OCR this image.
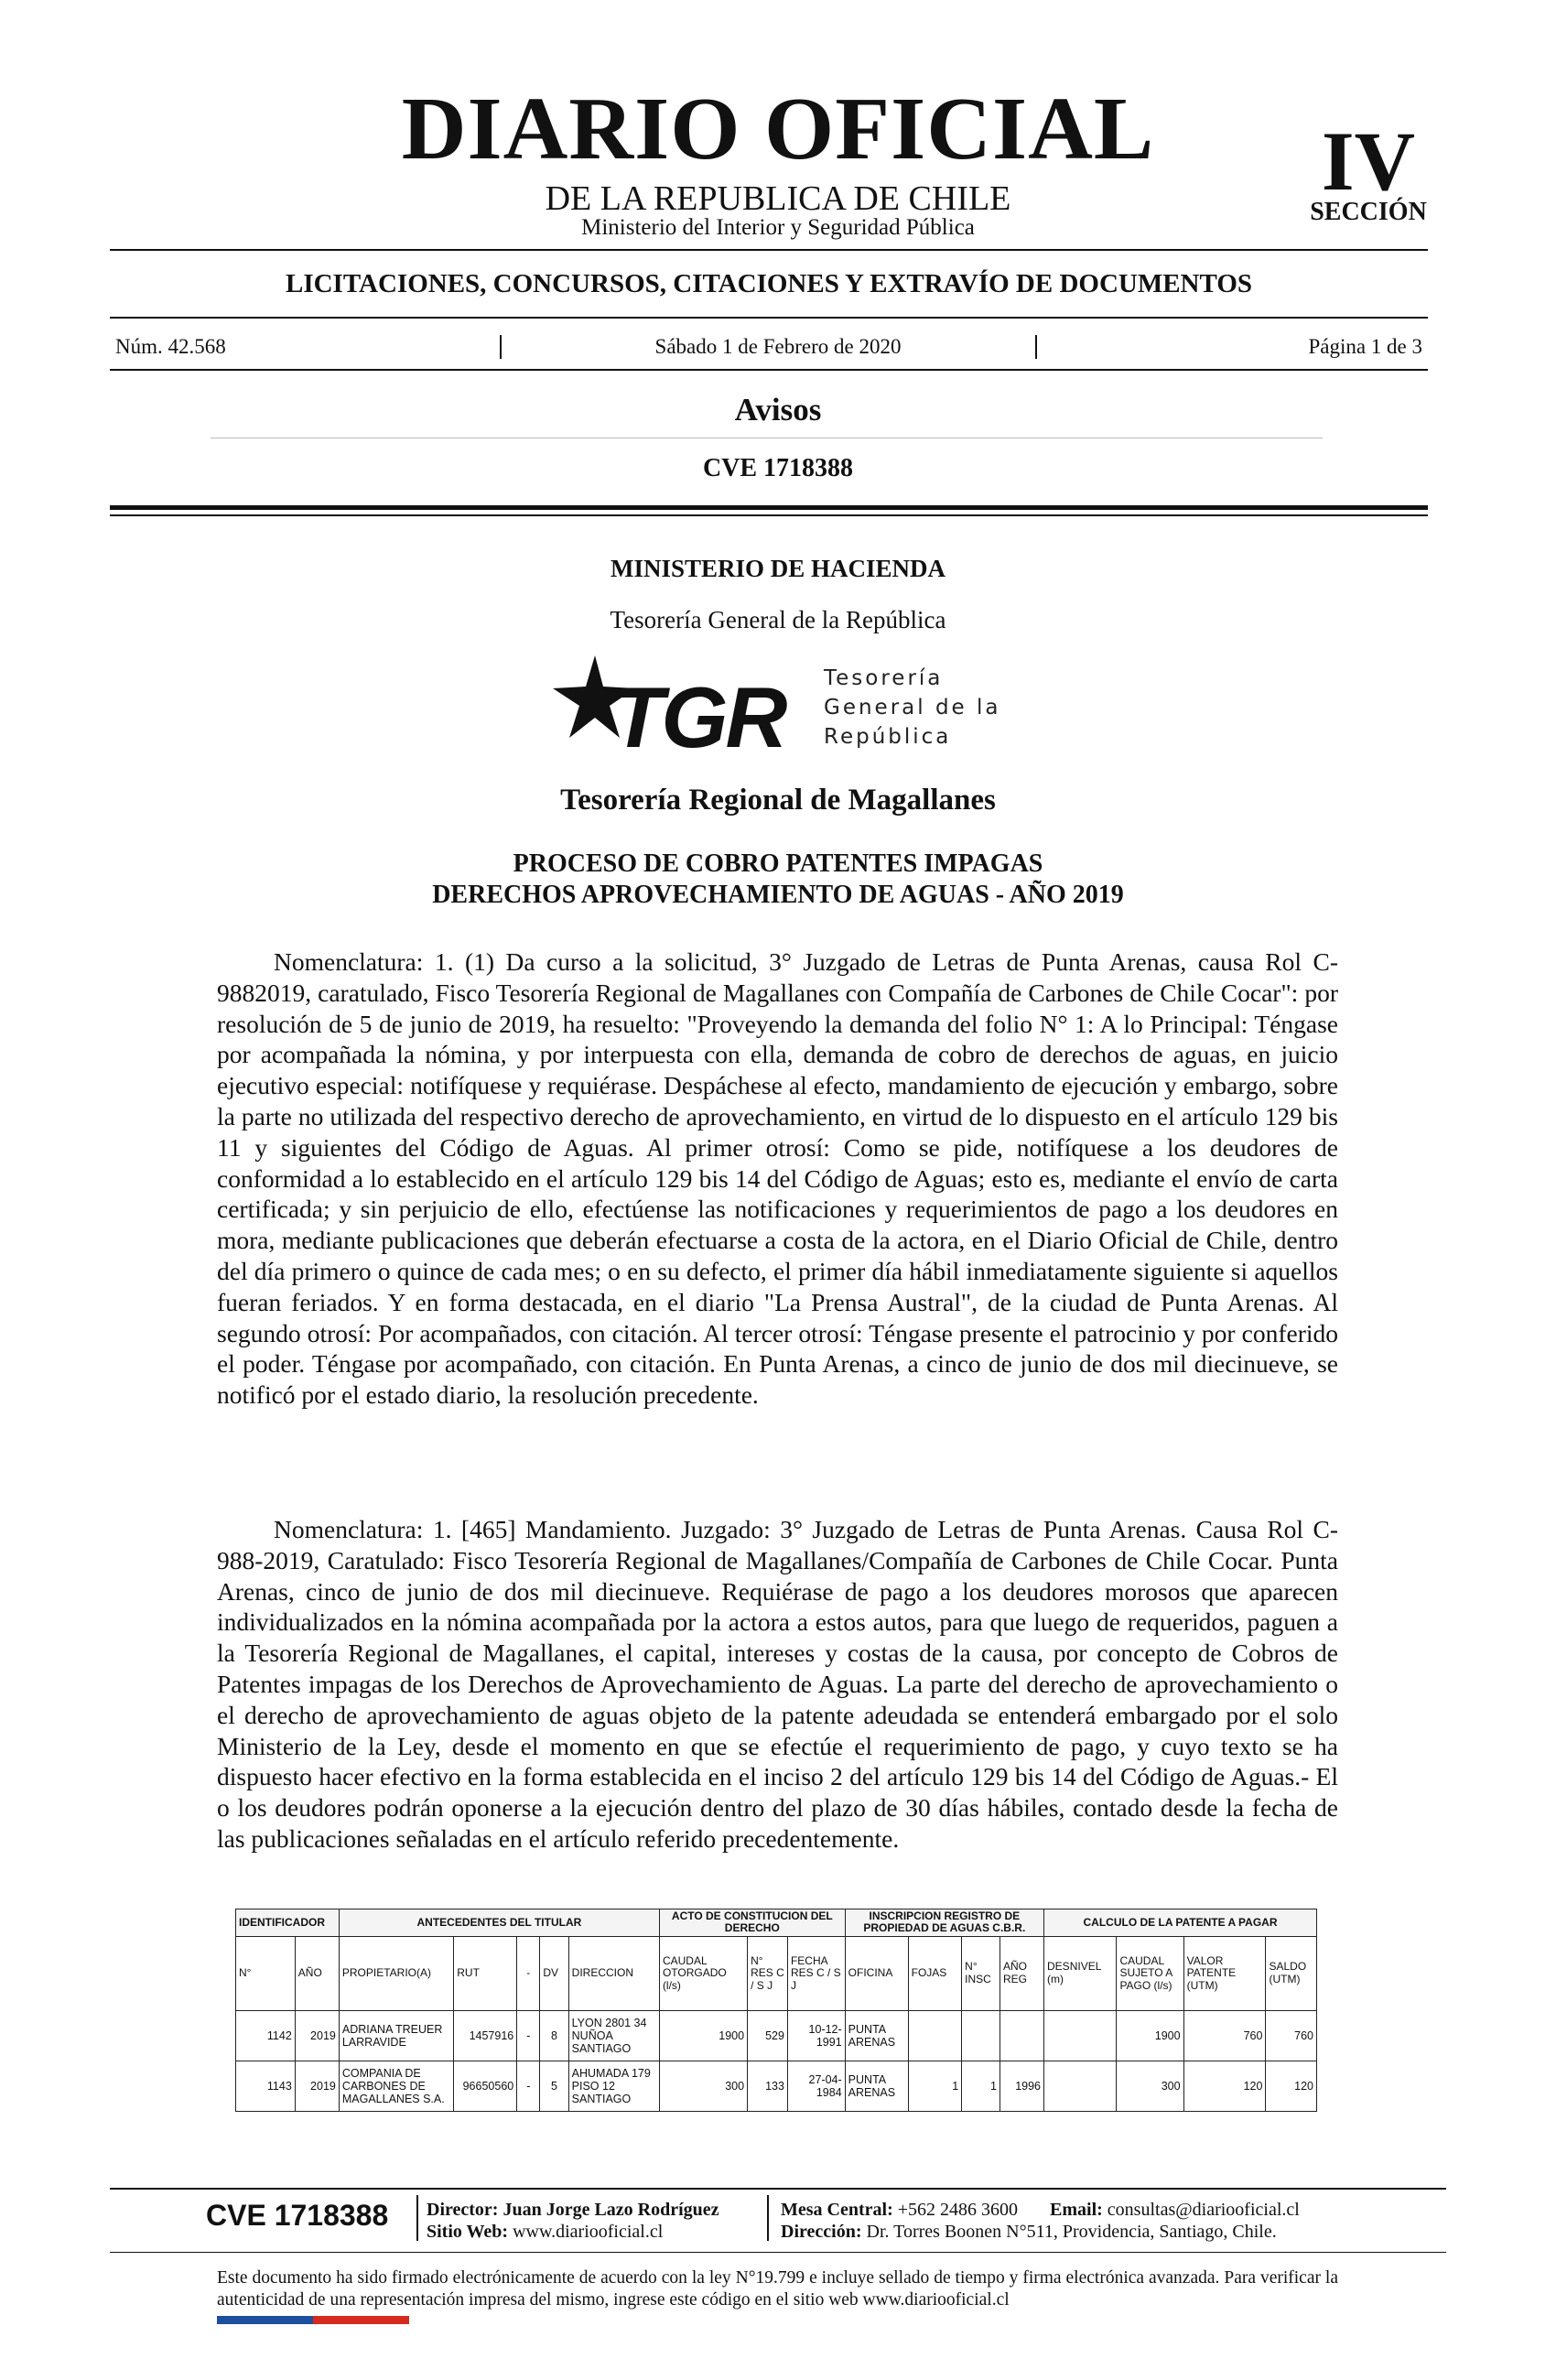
DIARIO OFICIAL
DE LA REPUBLICA DE CHILE
Ministerio del Interior y Seguridad Pública
IV
SECCIÓN
LICITACIONES, CONCURSOS, CITACIONES Y EXTRAVÍO DE DOCUMENTOS
Núm. 42.568	Sábado 1 de Febrero de 2020	Página 1 de 3
Avisos
CVE 1718388
MINISTERIO DE HACIENDA
Tesorería General de la República
TGR Tesorería
General de la
República
Tesorería Regional de Magallanes
PROCESO DE COBRO PATENTES IMPAGAS
DERECHOS APROVECHAMIENTO DE AGUAS - AÑO 2019

Nomenclatura: 1. (1) Da curso a la solicitud, 3° Juzgado de Letras de Punta Arenas, causa Rol C-9882019, caratulado, Fisco Tesorería Regional de Magallanes con Compañía de Carbones de Chile Cocar": por resolución de 5 de junio de 2019, ha resuelto: "Proveyendo la demanda del folio N° 1: A lo Principal: Téngase por acompañada la nómina, y por interpuesta con ella, demanda de cobro de derechos de aguas, en juicio ejecutivo especial: notifíquese y requiérase. Despáchese al efecto, mandamiento de ejecución y embargo, sobre la parte no utilizada del respectivo derecho de aprovechamiento, en virtud de lo dispuesto en el artículo 129 bis 11 y siguientes del Código de Aguas. Al primer otrosí: Como se pide, notifíquese a los deudores de conformidad a lo establecido en el artículo 129 bis 14 del Código de Aguas; esto es, mediante el envío de carta certificada; y sin perjuicio de ello, efectúense las notificaciones y requerimientos de pago a los deudores en mora, mediante publicaciones que deberán efectuarse a costa de la actora, en el Diario Oficial de Chile, dentro del día primero o quince de cada mes; o en su defecto, el primer día hábil inmediatamente siguiente si aquellos fueran feriados. Y en forma destacada, en el diario "La Prensa Austral", de la ciudad de Punta Arenas. Al segundo otrosí: Por acompañados, con citación. Al tercer otrosí: Téngase presente el patrocinio y por conferido el poder. Téngase por acompañado, con citación. En Punta Arenas, a cinco de junio de dos mil diecinueve, se notificó por el estado diario, la resolución precedente.

Nomenclatura: 1. [465] Mandamiento. Juzgado: 3° Juzgado de Letras de Punta Arenas. Causa Rol C-988-2019, Caratulado: Fisco Tesorería Regional de Magallanes/Compañía de Carbones de Chile Cocar. Punta Arenas, cinco de junio de dos mil diecinueve. Requiérase de pago a los deudores morosos que aparecen individualizados en la nómina acompañada por la actora a estos autos, para que luego de requeridos, paguen a la Tesorería Regional de Magallanes, el capital, intereses y costas de la causa, por concepto de Cobros de Patentes impagas de los Derechos de Aprovechamiento de Aguas. La parte del derecho de aprovechamiento o el derecho de aprovechamiento de aguas objeto de la patente adeudada se entenderá embargado por el solo Ministerio de la Ley, desde el momento en que se efectúe el requerimiento de pago, y cuyo texto se ha dispuesto hacer efectivo en la forma establecida en el inciso 2 del artículo 129 bis 14 del Código de Aguas.- El o los deudores podrán oponerse a la ejecución dentro del plazo de 30 días hábiles, contado desde la fecha de las publicaciones señaladas en el artículo referido precedentemente.

IDENTIFICADOR		ANTECEDENTES DEL TITULAR					ACTO DE CONSTITUCION DEL DERECHO			INSCRIPCION REGISTRO DE PROPIEDAD DE AGUAS C.B.R.				CALCULO DE LA PATENTE A PAGAR			
N°	AÑO	PROPIETARIO(A)	RUT	-	DV	DIRECCION	CAUDAL OTORGADO (l/s)	N° RES C / S J	FECHA RES C / S J	OFICINA	FOJAS	N° INSC	AÑO REG	DESNIVEL (m)	CAUDAL SUJETO A PAGO (l/s)	VALOR PATENTE (UTM)	SALDO (UTM)
1142	2019	ADRIANA TREUER LARRAVIDE	1457916	-	8	LYON 2801 34 NUÑOA SANTIAGO	1900	529	10-12-1991	PUNTA ARENAS					1900	760	760
1143	2019	COMPANIA DE CARBONES DE MAGALLANES S.A.	96650560	-	5	AHUMADA 179 PISO 12 SANTIAGO	300	133	27-04-1984	PUNTA ARENAS	1	1	1996		300	120	120
CVE 1718388 Director: Juan Jorge Lazo Rodríguez
Sitio Web: www.diariooficial.cl
Mesa Central: +562 2486 3600 Email: consultas@diariooficial.cl
Dirección: Dr. Torres Boonen N°511, Providencia, Santiago, Chile.

Este documento ha sido firmado electrónicamente de acuerdo con la ley N°19.799 e incluye sellado de tiempo y firma electrónica avanzada. Para verificar la autenticidad de una representación impresa del mismo, ingrese este código en el sitio web www.diariooficial.cl
